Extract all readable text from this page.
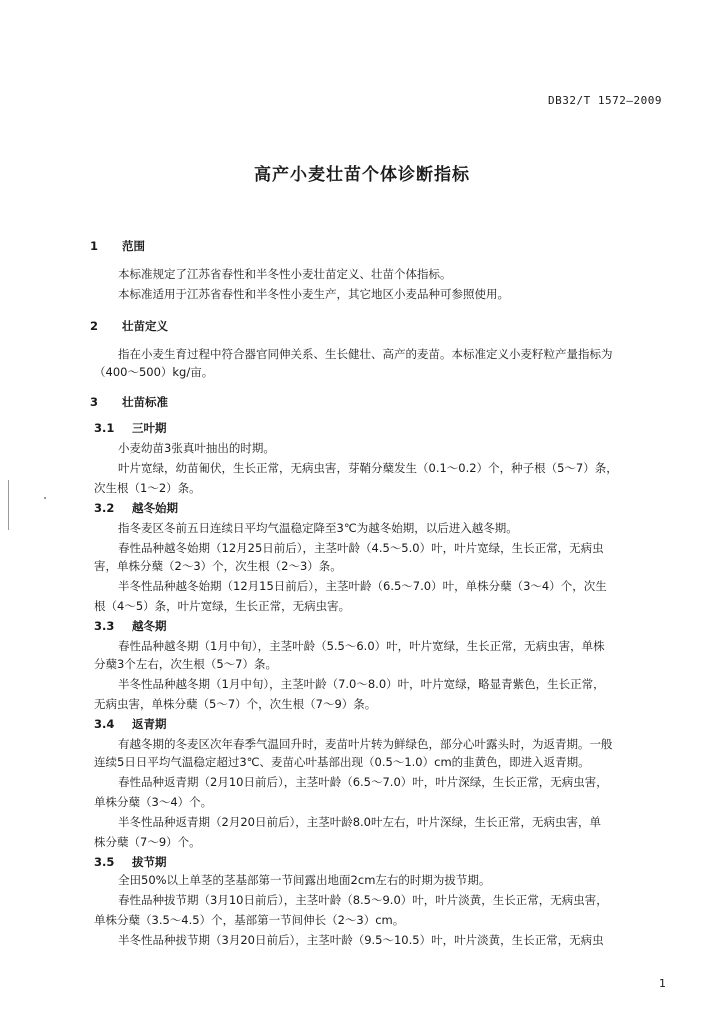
DB32/T 1572—2009
高产小麦壮苗个体诊断指标
1 范围
本标准规定了江苏省春性和半冬性小麦壮苗定义、壮苗个体指标。
本标准适用于江苏省春性和半冬性小麦生产，其它地区小麦品种可参照使用。
2 壮苗定义
指在小麦生育过程中符合器官同伸关系、生长健壮、高产的麦苗。本标准定义小麦籽粒产量指标为
（400～500）kg/亩。
3 壮苗标准
3.1 三叶期
小麦幼苗3张真叶抽出的时期。
叶片宽绿，幼苗匍伏，生长正常，无病虫害，芽鞘分蘖发生（0.1～0.2）个，种子根（5～7）条，
次生根（1～2）条。
3.2 越冬始期
指冬麦区冬前五日连续日平均气温稳定降至3℃为越冬始期，以后进入越冬期。
春性品种越冬始期（12月25日前后），主茎叶龄（4.5～5.0）叶，叶片宽绿，生长正常，无病虫
害，单株分蘖（2～3）个，次生根（2～3）条。
半冬性品种越冬始期（12月15日前后），主茎叶龄（6.5～7.0）叶，单株分蘖（3～4）个，次生
根（4～5）条，叶片宽绿，生长正常，无病虫害。
3.3 越冬期
春性品种越冬期（1月中旬），主茎叶龄（5.5～6.0）叶，叶片宽绿，生长正常，无病虫害，单株
分蘖3个左右，次生根（5～7）条。
半冬性品种越冬期（1月中旬），主茎叶龄（7.0～8.0）叶，叶片宽绿，略显青紫色，生长正常，
无病虫害，单株分蘖（5～7）个，次生根（7～9）条。
3.4 返青期
有越冬期的冬麦区次年春季气温回升时，麦苗叶片转为鲜绿色，部分心叶露头时，为返青期。一般
连续5日日平均气温稳定超过3℃、麦苗心叶基部出现（0.5～1.0）cm的韭黄色，即进入返青期。
春性品种返青期（2月10日前后），主茎叶龄（6.5～7.0）叶，叶片深绿，生长正常，无病虫害，
单株分蘖（3～4）个。
半冬性品种返青期（2月20日前后），主茎叶龄8.0叶左右，叶片深绿，生长正常，无病虫害，单
株分蘖（7～9）个。
3.5 拔节期
全田50%以上单茎的茎基部第一节间露出地面2cm左右的时期为拔节期。
春性品种拔节期（3月10日前后），主茎叶龄（8.5～9.0）叶，叶片淡黄，生长正常，无病虫害，
单株分蘖（3.5～4.5）个，基部第一节间伸长（2～3）cm。
半冬性品种拔节期（3月20日前后），主茎叶龄（9.5～10.5）叶，叶片淡黄，生长正常，无病虫
1
